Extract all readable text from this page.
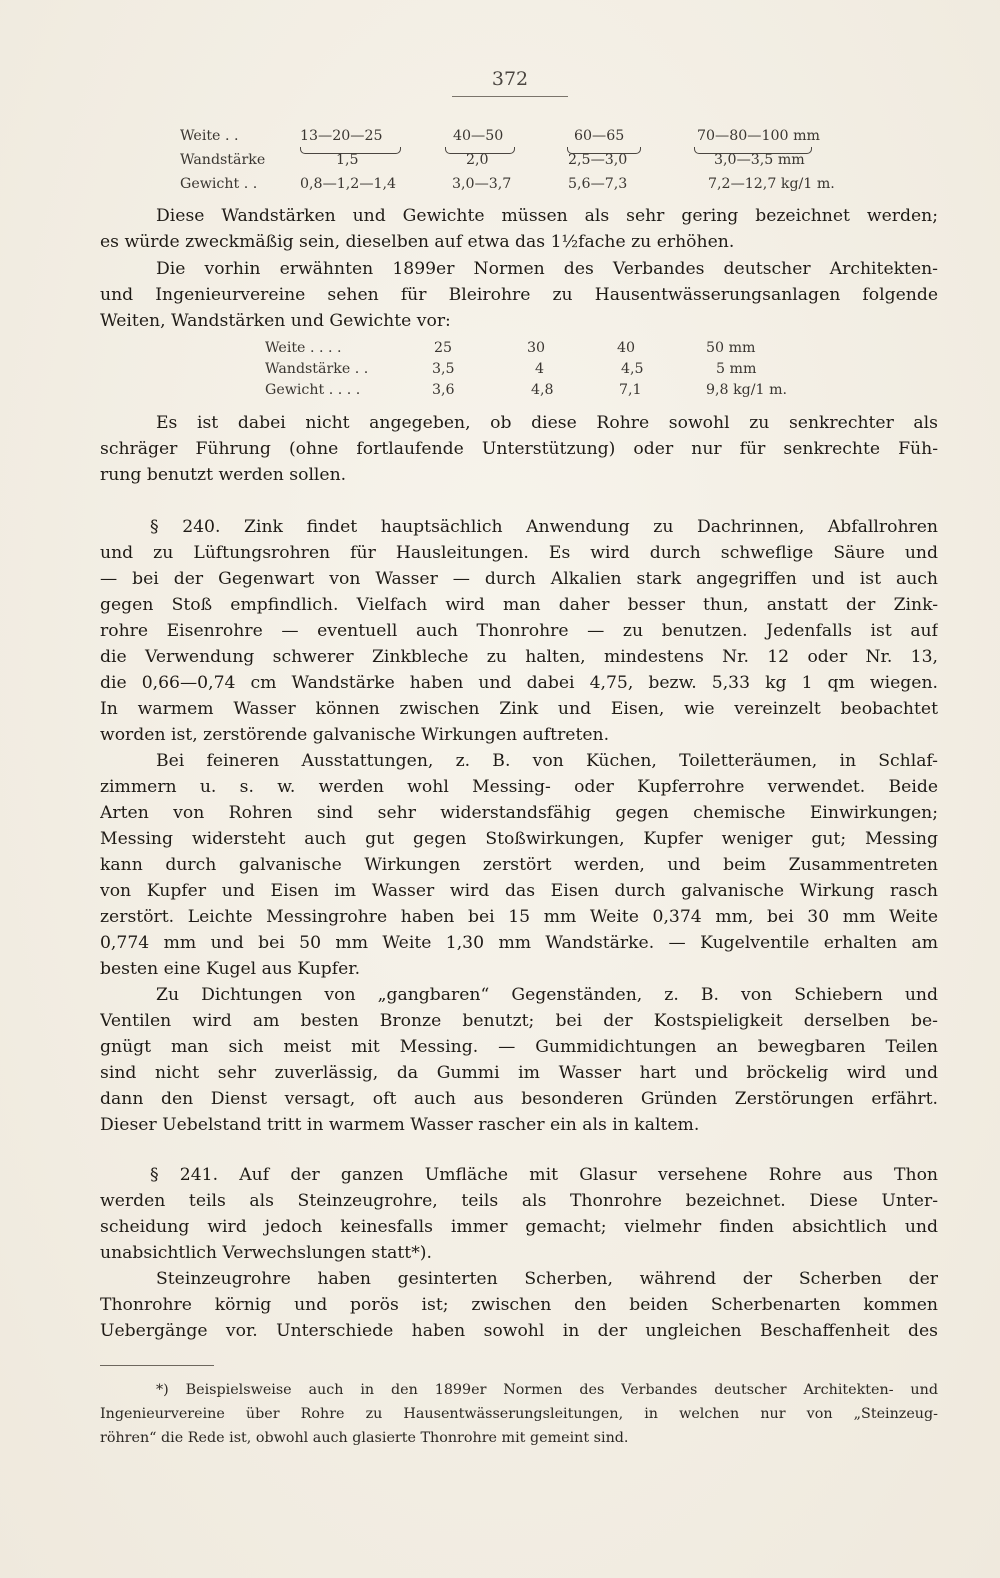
372
Weite . .	13—20—25	40—50	60—65	70—80—100 mm
Wandstärke	1,5	2,0	2,5—3,0	3,0—3,5 mm
Gewicht . .	0,8—1,2—1,4	3,0—3,7	5,6—7,3	7,2—12,7 kg/1 m.
Diese Wandstärken und Gewichte müssen als sehr gering bezeichnet werden;
es würde zweckmäßig sein, dieselben auf etwa das 1½fache zu erhöhen.
Die vorhin erwähnten 1899er Normen des Verbandes deutscher Architekten-
und Ingenieurvereine sehen für Bleirohre zu Hausentwässerungsanlagen folgende
Weiten, Wandstärken und Gewichte vor:
Weite . . . .	25	30	40	50 mm
Wandstärke . .	3,5	4	4,5	5 mm
Gewicht . . . .	3,6	4,8	7,1	9,8 kg/1 m.
Es ist dabei nicht angegeben, ob diese Rohre sowohl zu senkrechter als
schräger Führung (ohne fortlaufende Unterstützung) oder nur für senkrechte Füh-
rung benutzt werden sollen.
§ 240. Zink findet hauptsächlich Anwendung zu Dachrinnen, Abfallrohren
und zu Lüftungsrohren für Hausleitungen. Es wird durch schweflige Säure und
— bei der Gegenwart von Wasser — durch Alkalien stark angegriffen und ist auch
gegen Stoß empfindlich. Vielfach wird man daher besser thun, anstatt der Zink-
rohre Eisenrohre — eventuell auch Thonrohre — zu benutzen. Jedenfalls ist auf
die Verwendung schwerer Zinkbleche zu halten, mindestens Nr. 12 oder Nr. 13,
die 0,66—0,74 cm Wandstärke haben und dabei 4,75, bezw. 5,33 kg 1 qm wiegen.
In warmem Wasser können zwischen Zink und Eisen, wie vereinzelt beobachtet
worden ist, zerstörende galvanische Wirkungen auftreten.
Bei feineren Ausstattungen, z. B. von Küchen, Toiletteräumen, in Schlaf-
zimmern u. s. w. werden wohl Messing- oder Kupferrohre verwendet. Beide
Arten von Rohren sind sehr widerstandsfähig gegen chemische Einwirkungen;
Messing widersteht auch gut gegen Stoßwirkungen, Kupfer weniger gut; Messing
kann durch galvanische Wirkungen zerstört werden, und beim Zusammentreten
von Kupfer und Eisen im Wasser wird das Eisen durch galvanische Wirkung rasch
zerstört. Leichte Messingrohre haben bei 15 mm Weite 0,374 mm, bei 30 mm Weite
0,774 mm und bei 50 mm Weite 1,30 mm Wandstärke. — Kugelventile erhalten am
besten eine Kugel aus Kupfer.
Zu Dichtungen von „gangbaren“ Gegenständen, z. B. von Schiebern und
Ventilen wird am besten Bronze benutzt; bei der Kostspieligkeit derselben be-
gnügt man sich meist mit Messing. — Gummidichtungen an bewegbaren Teilen
sind nicht sehr zuverlässig, da Gummi im Wasser hart und bröckelig wird und
dann den Dienst versagt, oft auch aus besonderen Gründen Zerstörungen erfährt.
Dieser Uebelstand tritt in warmem Wasser rascher ein als in kaltem.
§ 241. Auf der ganzen Umfläche mit Glasur versehene Rohre aus Thon
werden teils als Steinzeugrohre, teils als Thonrohre bezeichnet. Diese Unter-
scheidung wird jedoch keinesfalls immer gemacht; vielmehr finden absichtlich und
unabsichtlich Verwechslungen statt*).
Steinzeugrohre haben gesinterten Scherben, während der Scherben der
Thonrohre körnig und porös ist; zwischen den beiden Scherbenarten kommen
Uebergänge vor. Unterschiede haben sowohl in der ungleichen Beschaffenheit des
*) Beispielsweise auch in den 1899er Normen des Verbandes deutscher Architekten- und
Ingenieurvereine über Rohre zu Hausentwässerungsleitungen, in welchen nur von „Steinzeug-
röhren“ die Rede ist, obwohl auch glasierte Thonrohre mit gemeint sind.
